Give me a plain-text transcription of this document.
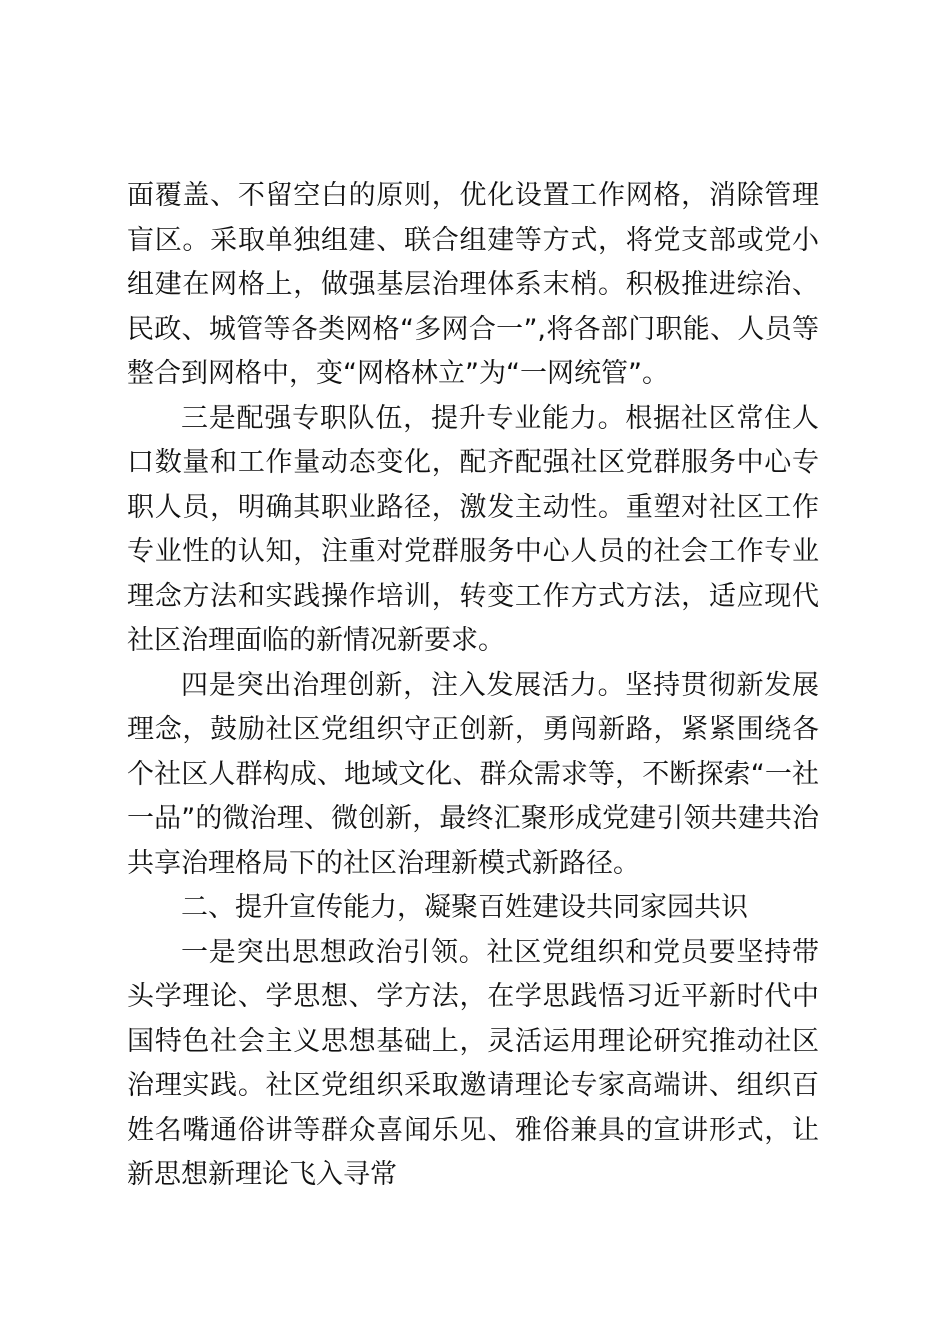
面覆盖、不留空白的原则，优化设置工作网格，消除管理盲区。采取单独组建、联合组建等方式，将党支部或党小组建在网格上，做强基层治理体系末梢。积极推进综治、民政、城管等各类网格“多网合一”,将各部门职能、人员等整合到网格中，变“网格林立”为“一网统管”。

三是配强专职队伍，提升专业能力。根据社区常住人口数量和工作量动态变化，配齐配强社区党群服务中心专职人员，明确其职业路径，激发主动性。重塑对社区工作专业性的认知，注重对党群服务中心人员的社会工作专业理念方法和实践操作培训，转变工作方式方法，适应现代社区治理面临的新情况新要求。

四是突出治理创新，注入发展活力。坚持贯彻新发展理念，鼓励社区党组织守正创新，勇闯新路，紧紧围绕各个社区人群构成、地域文化、群众需求等，不断探索“一社一品”的微治理、微创新，最终汇聚形成党建引领共建共治共享治理格局下的社区治理新模式新路径。

二、提升宣传能力，凝聚百姓建设共同家园共识

一是突出思想政治引领。社区党组织和党员要坚持带头学理论、学思想、学方法，在学思践悟习近平新时代中国特色社会主义思想基础上，灵活运用理论研究推动社区治理实践。社区党组织采取邀请理论专家高端讲、组织百姓名嘴通俗讲等群众喜闻乐见、雅俗兼具的宣讲形式，让新思想新理论飞入寻常
